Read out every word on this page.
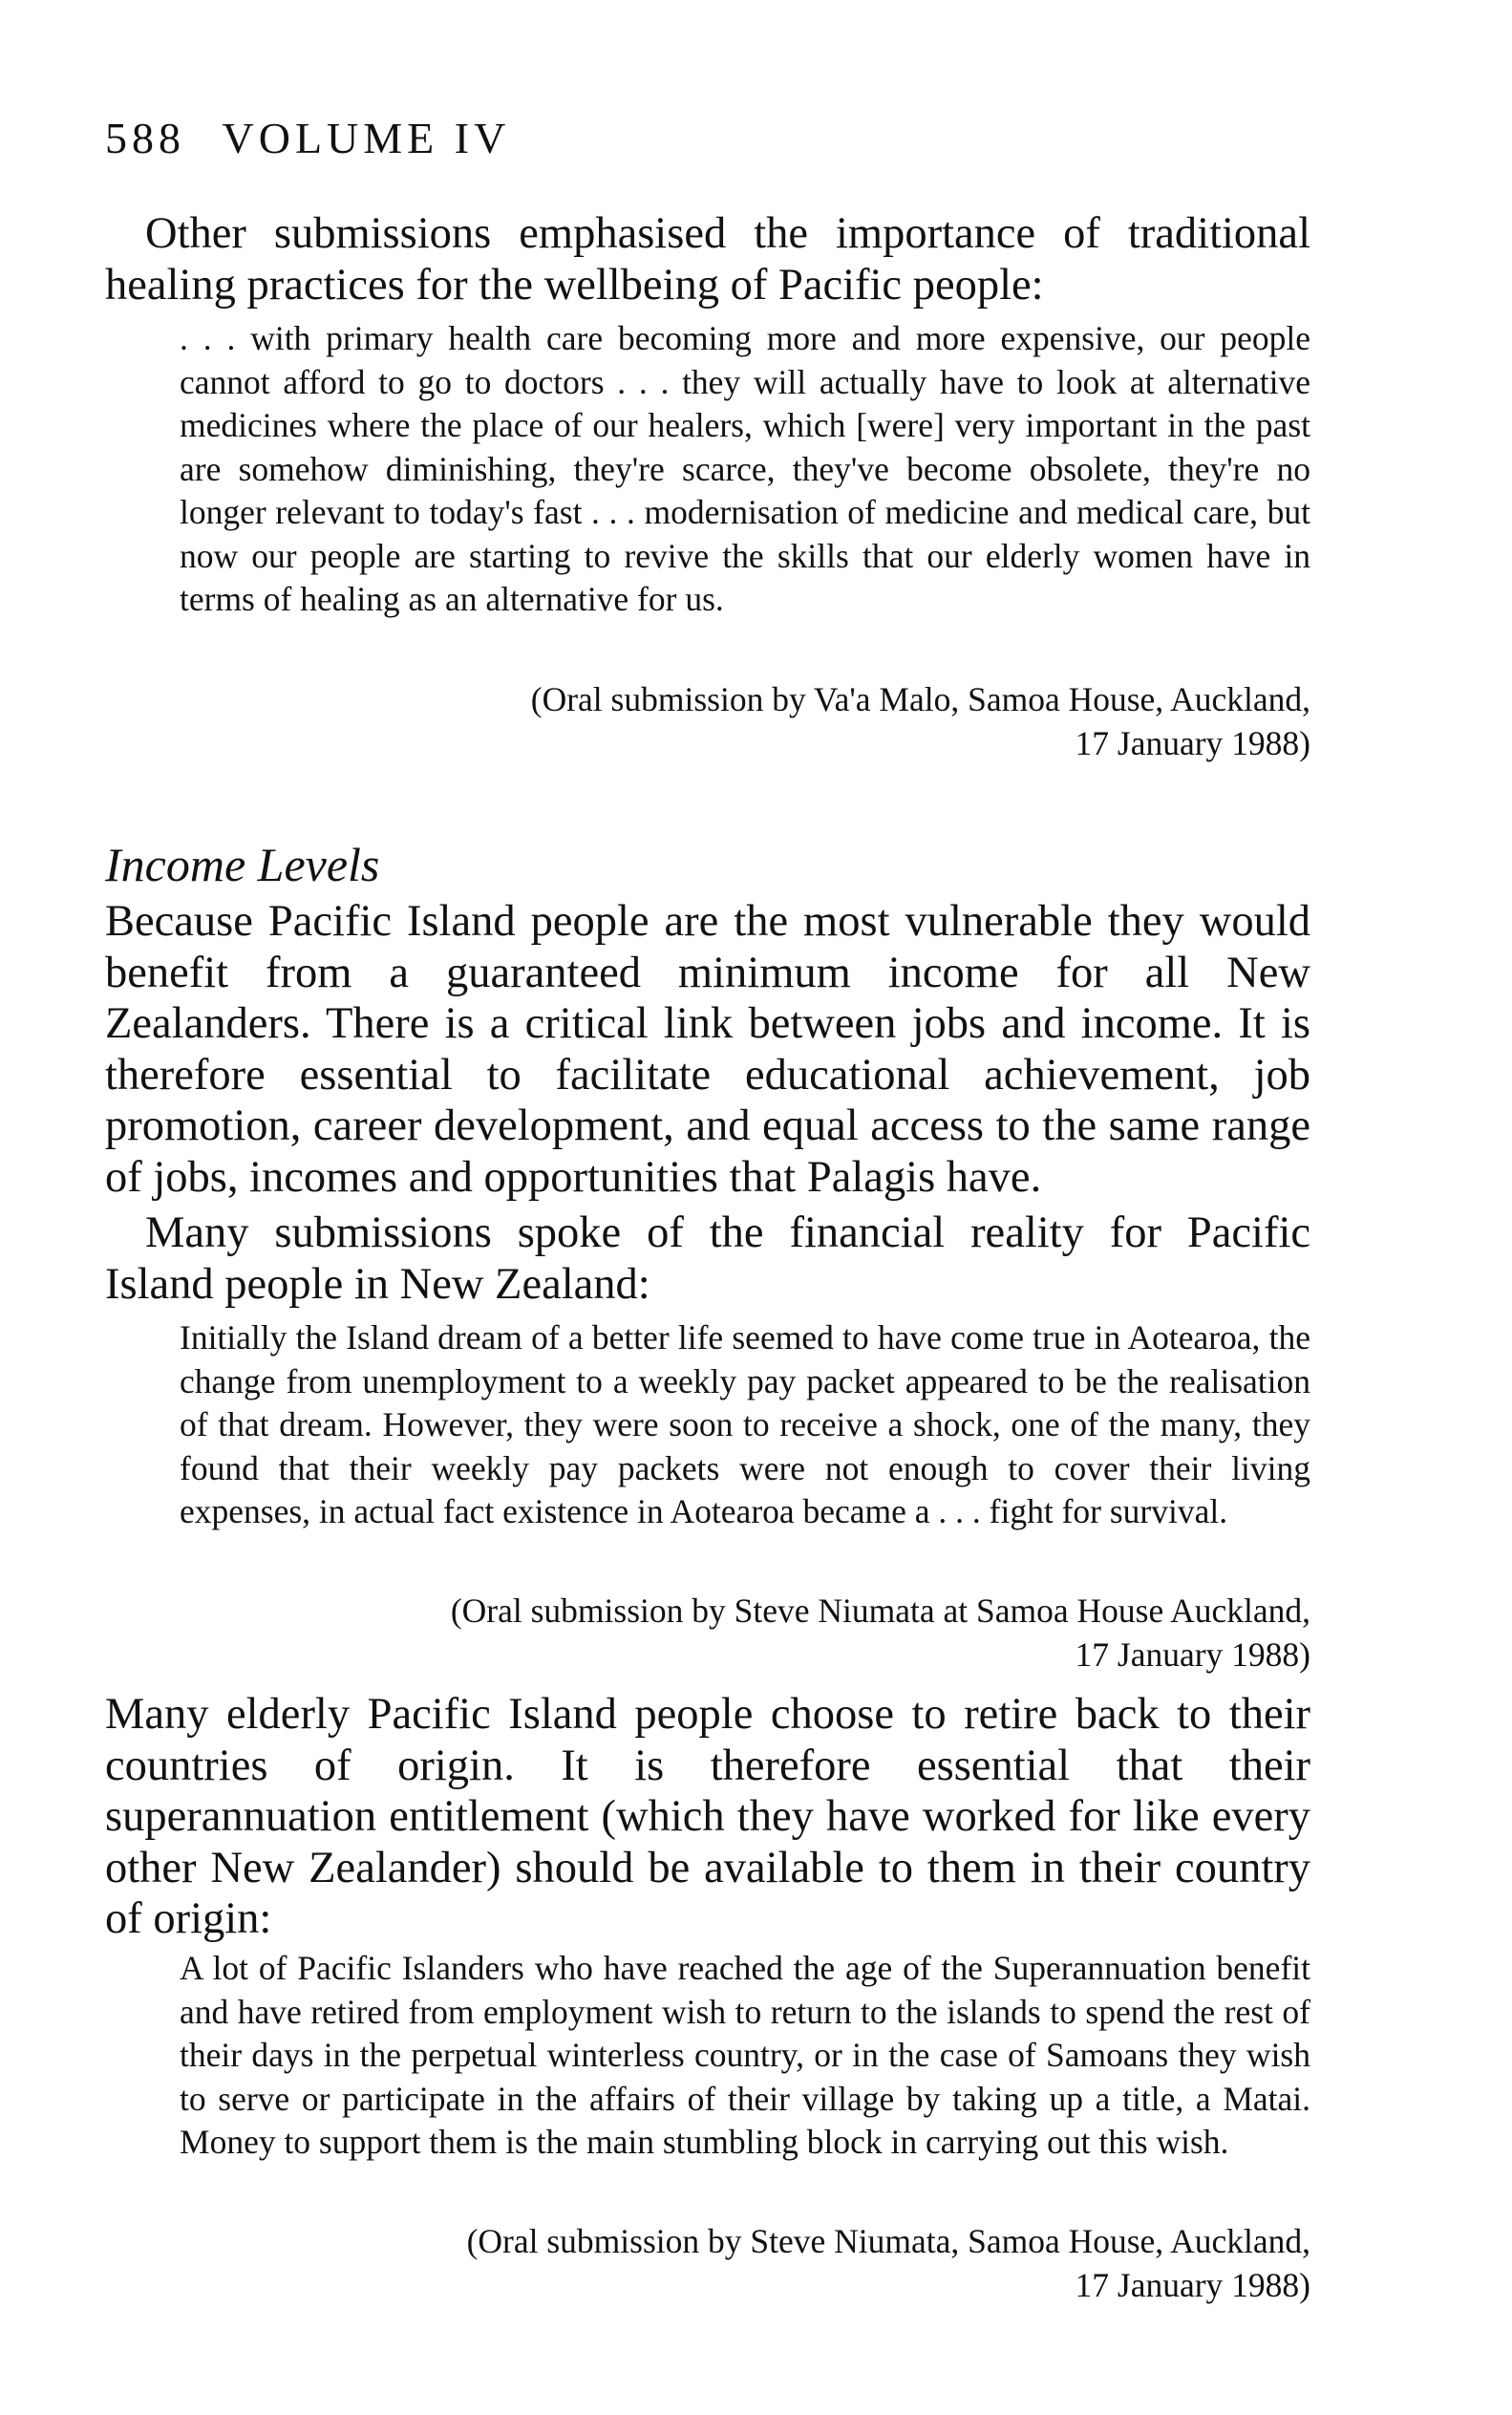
588 VOLUME IV

Other submissions emphasised the importance of traditional healing practices for the wellbeing of Pacific people:

. . . with primary health care becoming more and more expensive, our people cannot afford to go to doctors . . . they will actually have to look at alternative medicines where the place of our healers, which [were] very important in the past are somehow diminishing, they're scarce, they've become obsolete, they're no longer relevant to today's fast . . . modernisation of medicine and medical care, but now our people are starting to revive the skills that our elderly women have in terms of healing as an alternative for us.

(Oral submission by Va'a Malo, Samoa House, Auckland,

17 January 1988)

Income Levels

Because Pacific Island people are the most vulnerable they would benefit from a guaranteed minimum income for all New Zealanders. There is a critical link between jobs and income. It is therefore essential to facilitate educational achievement, job promotion, career development, and equal access to the same range of jobs, incomes and opportunities that Palagis have.

Many submissions spoke of the financial reality for Pacific Island people in New Zealand:

Initially the Island dream of a better life seemed to have come true in Aotearoa, the change from unemployment to a weekly pay packet appeared to be the realisation of that dream. However, they were soon to receive a shock, one of the many, they found that their weekly pay packets were not enough to cover their living expenses, in actual fact existence in Aotearoa became a . . . fight for survival.

(Oral submission by Steve Niumata at Samoa House Auckland,

17 January 1988)

Many elderly Pacific Island people choose to retire back to their countries of origin. It is therefore essential that their superannuation entitlement (which they have worked for like every other New Zealander) should be available to them in their country of origin:

A lot of Pacific Islanders who have reached the age of the Superannuation benefit and have retired from employment wish to return to the islands to spend the rest of their days in the perpetual winterless country, or in the case of Samoans they wish to serve or participate in the affairs of their village by taking up a title, a Matai. Money to support them is the main stumbling block in carrying out this wish.

(Oral submission by Steve Niumata, Samoa House, Auckland,

17 January 1988)
